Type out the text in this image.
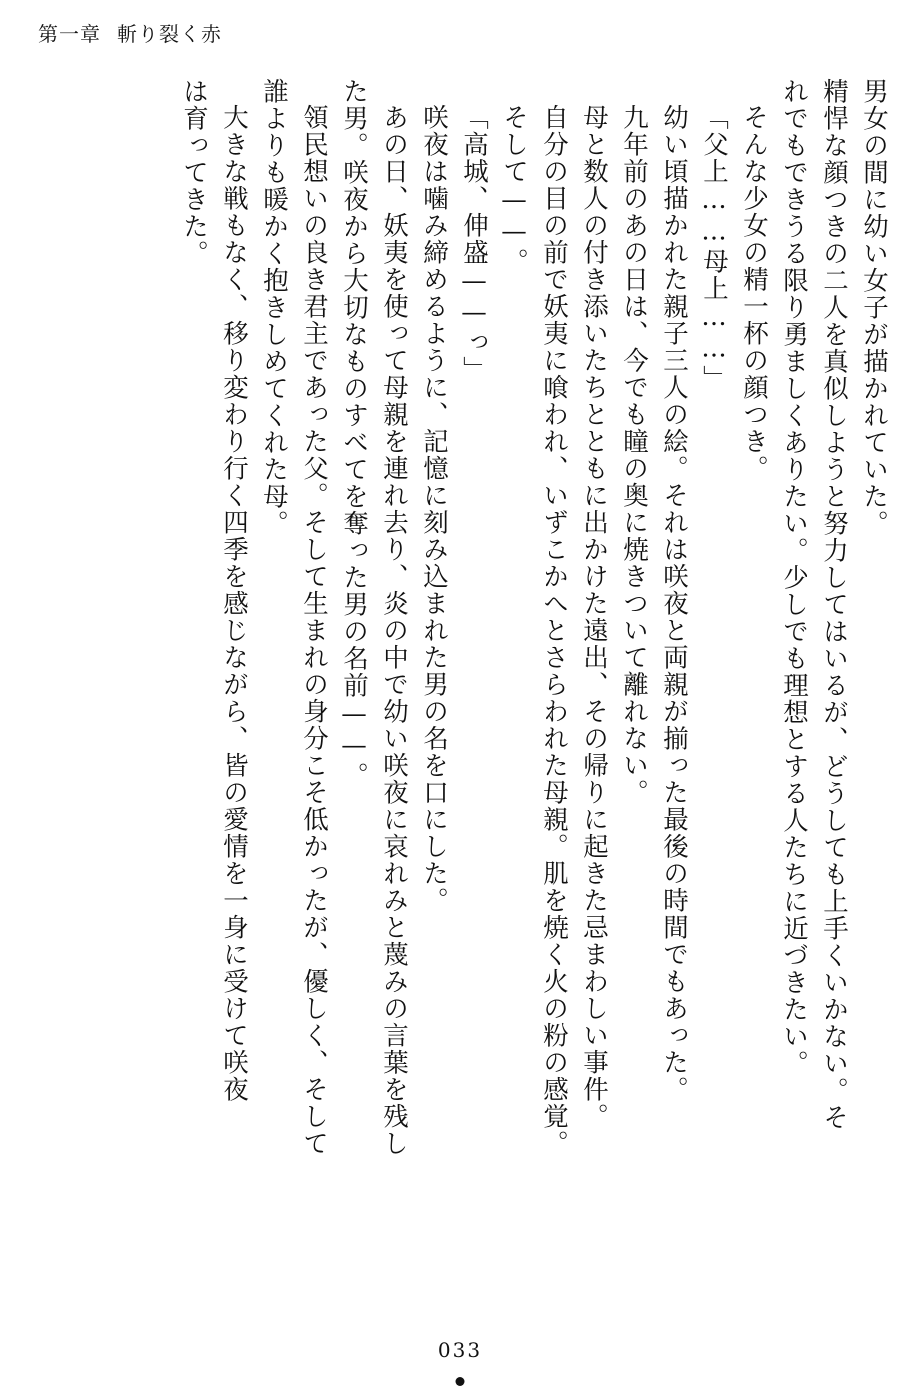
第一章 斬り裂く赤
男女の間に幼い女子が描かれていた。
精悍な顔つきの二人を真似しようと努力してはいるが、どうしても上手くいかない。そ
れでもできうる限り勇ましくありたい。少しでも理想とする人たちに近づきたい。
そんな少女の精一杯の顔つき。
「父上……母上……」
幼い頃描かれた親子三人の絵。それは咲夜と両親が揃った最後の時間でもあった。
九年前のあの日は、今でも瞳の奥に焼きついて離れない。
母と数人の付き添いたちとともに出かけた遠出、その帰りに起きた忌まわしい事件。
自分の目の前で妖夷に喰われ、いずこかへとさらわれた母親。肌を焼く火の粉の感覚。
そして——。
「高城、伸盛——っ」
咲夜は噛み締めるように、記憶に刻み込まれた男の名を口にした。
あの日、妖夷を使って母親を連れ去り、炎の中で幼い咲夜に哀れみと蔑みの言葉を残し
た男。咲夜から大切なものすべてを奪った男の名前——。
領民想いの良き君主であった父。そして生まれの身分こそ低かったが、優しく、そして
誰よりも暖かく抱きしめてくれた母。
大きな戦もなく、移り変わり行く四季を感じながら、皆の愛情を一身に受けて咲夜
は育ってきた。
033
